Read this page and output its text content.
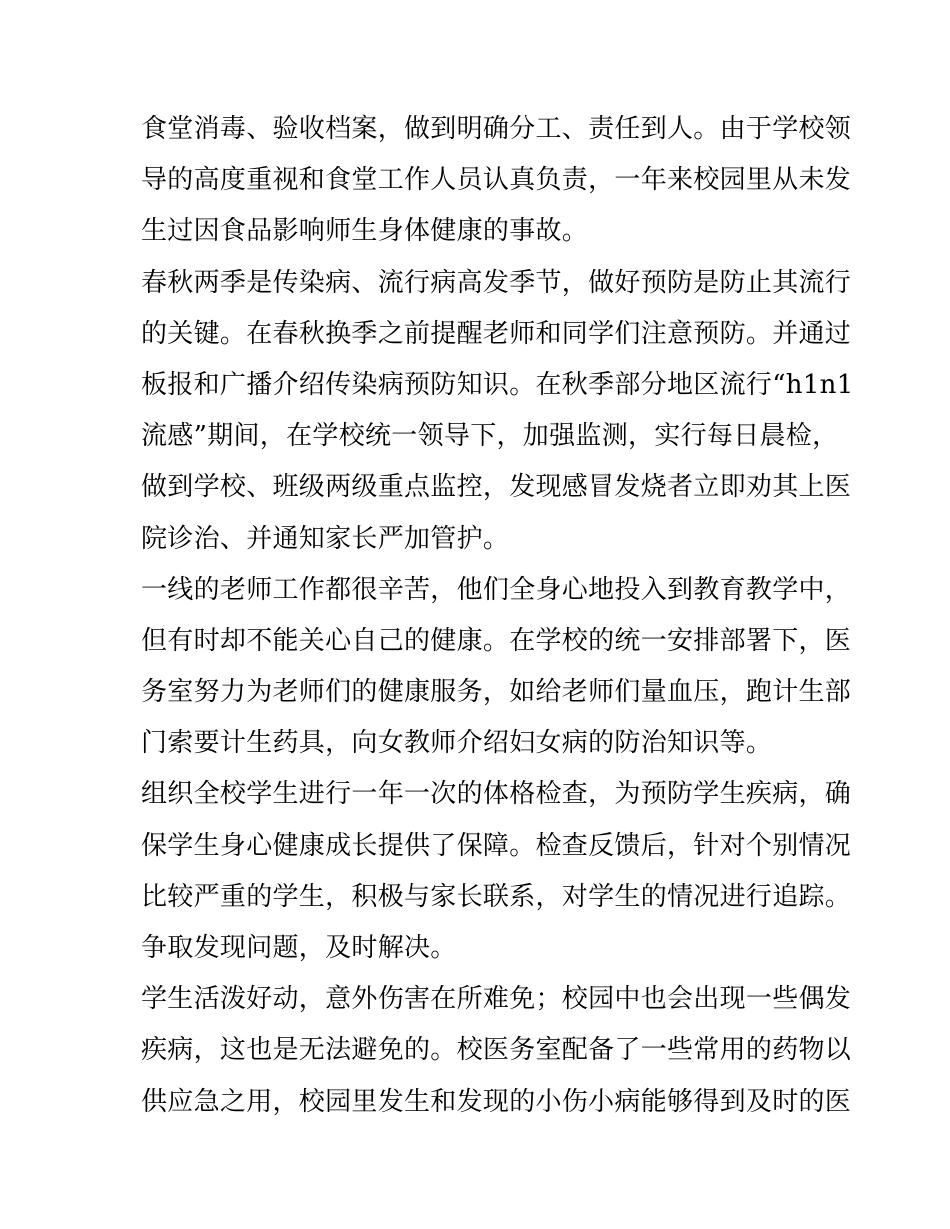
食堂消毒、验收档案，做到明确分工、责任到人。由于学校领
导的高度重视和食堂工作人员认真负责，一年来校园里从未发
生过因食品影响师生身体健康的事故。
春秋两季是传染病、流行病高发季节，做好预防是防止其流行
的关键。在春秋换季之前提醒老师和同学们注意预防。并通过
板报和广播介绍传染病预防知识。在秋季部分地区流行“h1n1
流感”期间，在学校统一领导下，加强监测，实行每日晨检，
做到学校、班级两级重点监控，发现感冒发烧者立即劝其上医
院诊治、并通知家长严加管护。
一线的老师工作都很辛苦，他们全身心地投入到教育教学中，
但有时却不能关心自己的健康。在学校的统一安排部署下，医
务室努力为老师们的健康服务，如给老师们量血压，跑计生部
门索要计生药具，向女教师介绍妇女病的防治知识等。
组织全校学生进行一年一次的体格检查，为预防学生疾病，确
保学生身心健康成长提供了保障。检查反馈后，针对个别情况
比较严重的学生，积极与家长联系，对学生的情况进行追踪。
争取发现问题，及时解决。
学生活泼好动，意外伤害在所难免；校园中也会出现一些偶发
疾病，这也是无法避免的。校医务室配备了一些常用的药物以
供应急之用，校园里发生和发现的小伤小病能够得到及时的医
